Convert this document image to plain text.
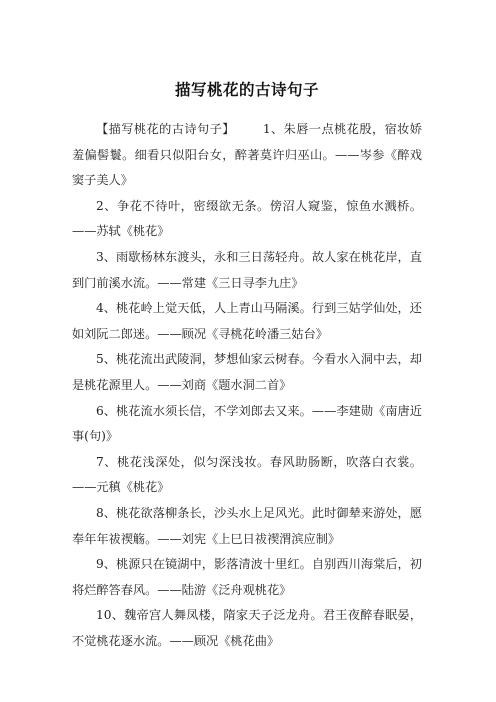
描写桃花的古诗句子

【描写桃花的古诗句子】 1、朱唇一点桃花殷，宿妆娇羞偏髻鬟。细看只似阳台女，醉著莫许归巫山。——岑参《醉戏窦子美人》

2、争花不待叶，密缀欲无条。傍沼人窥鉴，惊鱼水溅桥。——苏轼《桃花》

3、雨歇杨林东渡头，永和三日荡轻舟。故人家在桃花岸，直到门前溪水流。——常建《三日寻李九庄》

4、桃花岭上觉天低，人上青山马隔溪。行到三姑学仙处，还如刘阮二郎迷。——顾况《寻桃花岭潘三姑台》

5、桃花流出武陵洞，梦想仙家云树春。今看水入洞中去，却是桃花源里人。——刘商《题水洞二首》

6、桃花流水须长信，不学刘郎去又来。——李建勋《南唐近事(句)》

7、桃花浅深处，似匀深浅妆。春风助肠断，吹落白衣裳。——元稹《桃花》

8、桃花欲落柳条长，沙头水上足风光。此时御辇来游处，愿奉年年祓禊觞。——刘宪《上巳日祓禊渭滨应制》

9、桃源只在镜湖中，影落清波十里红。自别西川海棠后，初将烂醉答春风。——陆游《泛舟观桃花》

10、魏帝宫人舞凤楼，隋家天子泛龙舟。君王夜醉春眠晏，不觉桃花逐水流。——顾况《桃花曲》
